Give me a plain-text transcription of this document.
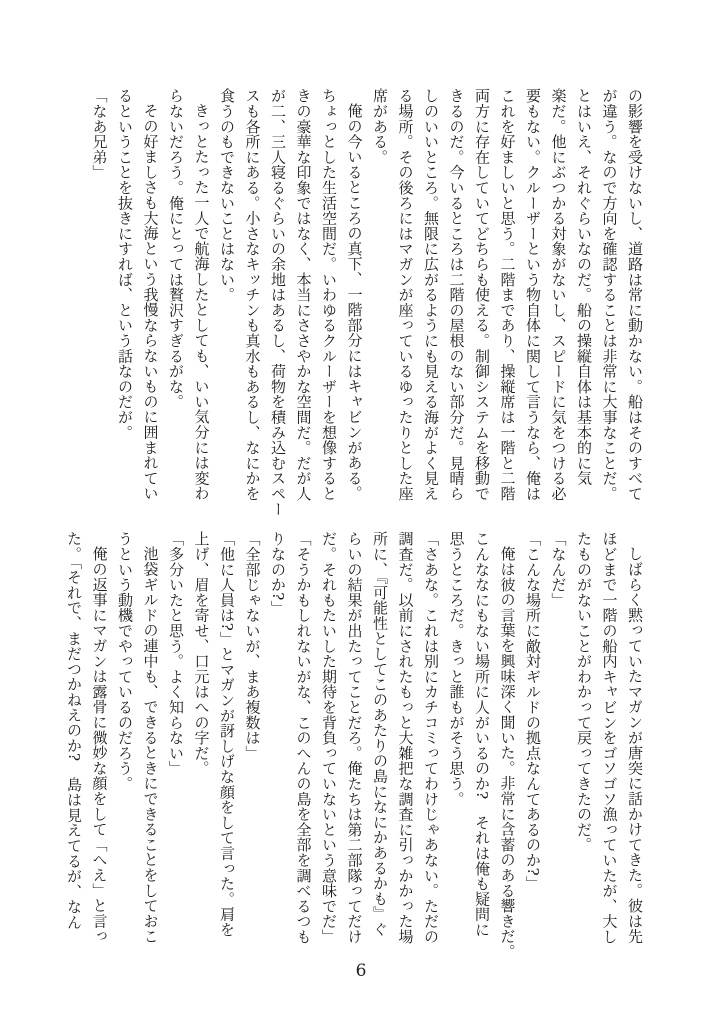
の影響を受けないし、道路は常に動かない。船はそのすべて

が違う。なので方向を確認することは非常に大事なことだ。

とはいえ、それぐらいなのだ。船の操縦自体は基本的に気

楽だ。他にぶつかる対象がないし、スピードに気をつける必

要もない。クルーザーという物自体に関して言うなら、俺は

これを好ましいと思う。二階まであり、操縦席は一階と二階

両方に存在していてどちらも使える。制御システムを移動で

きるのだ。今いるところは二階の屋根のない部分だ。見晴ら

しのいいところ。無限に広がるようにも見える海がよく見え

る場所。その後ろにはマガンが座っているゆったりとした座

席がある。

俺の今いるところの真下、一階部分にはキャビンがある。

ちょっとした生活空間だ。いわゆるクルーザーを想像すると

きの豪華な印象ではなく、本当にささやかな空間だ。だが人

が二、三人寝るぐらいの余地はあるし、荷物を積み込むスペー

スも各所にある。小さなキッチンも真水もあるし、なにかを

食うのもできないことはない。

きっとたった一人で航海したとしても、いい気分には変わ

らないだろう。俺にとっては贅沢すぎるがな。

その好ましさも大海という我慢ならないものに囲まれてい

るということを抜きにすれば、という話なのだが。

「なあ兄弟」

しばらく黙っていたマガンが唐突に話かけてきた。彼は先

ほどまで一階の船内キャビンをゴソゴソ漁っていたが、大し

たものがないことがわかって戻ってきたのだ。

「なんだ」

「こんな場所に敵対ギルドの拠点なんてあるのか?」

俺は彼の言葉を興味深く聞いた。非常に含蓄のある響きだ。

こんななにもない場所に人がいるのか?　それは俺も疑問に

思うところだ。きっと誰もがそう思う。

「さあな。これは別にカチコミってわけじゃあない。ただの

調査だ。以前にされたもっと大雑把な調査に引っかかった場

所に、『可能性としてこのあたりの島になにかあるかも』ぐ

らいの結果が出たってことだろ。俺たちは第二部隊ってだけ

だ。それもたいした期待を背負っていないという意味でだ」

「そうかもしれないがな、このへんの島を全部を調べるつも

りなのか?」

「全部じゃないが、まあ複数は」

「他に人員は?」とマガンが訝しげな顔をして言った。肩を

上げ、眉を寄せ、口元はへの字だ。

「多分いたと思う。よく知らない」

池袋ギルドの連中も、できるときにできることをしておこ

うという動機でやっているのだろう。

俺の返事にマガンは露骨に微妙な顔をして「へえ」と言っ

た。「それで、まだつかねえのか?　島は見えてるが、なん

6
